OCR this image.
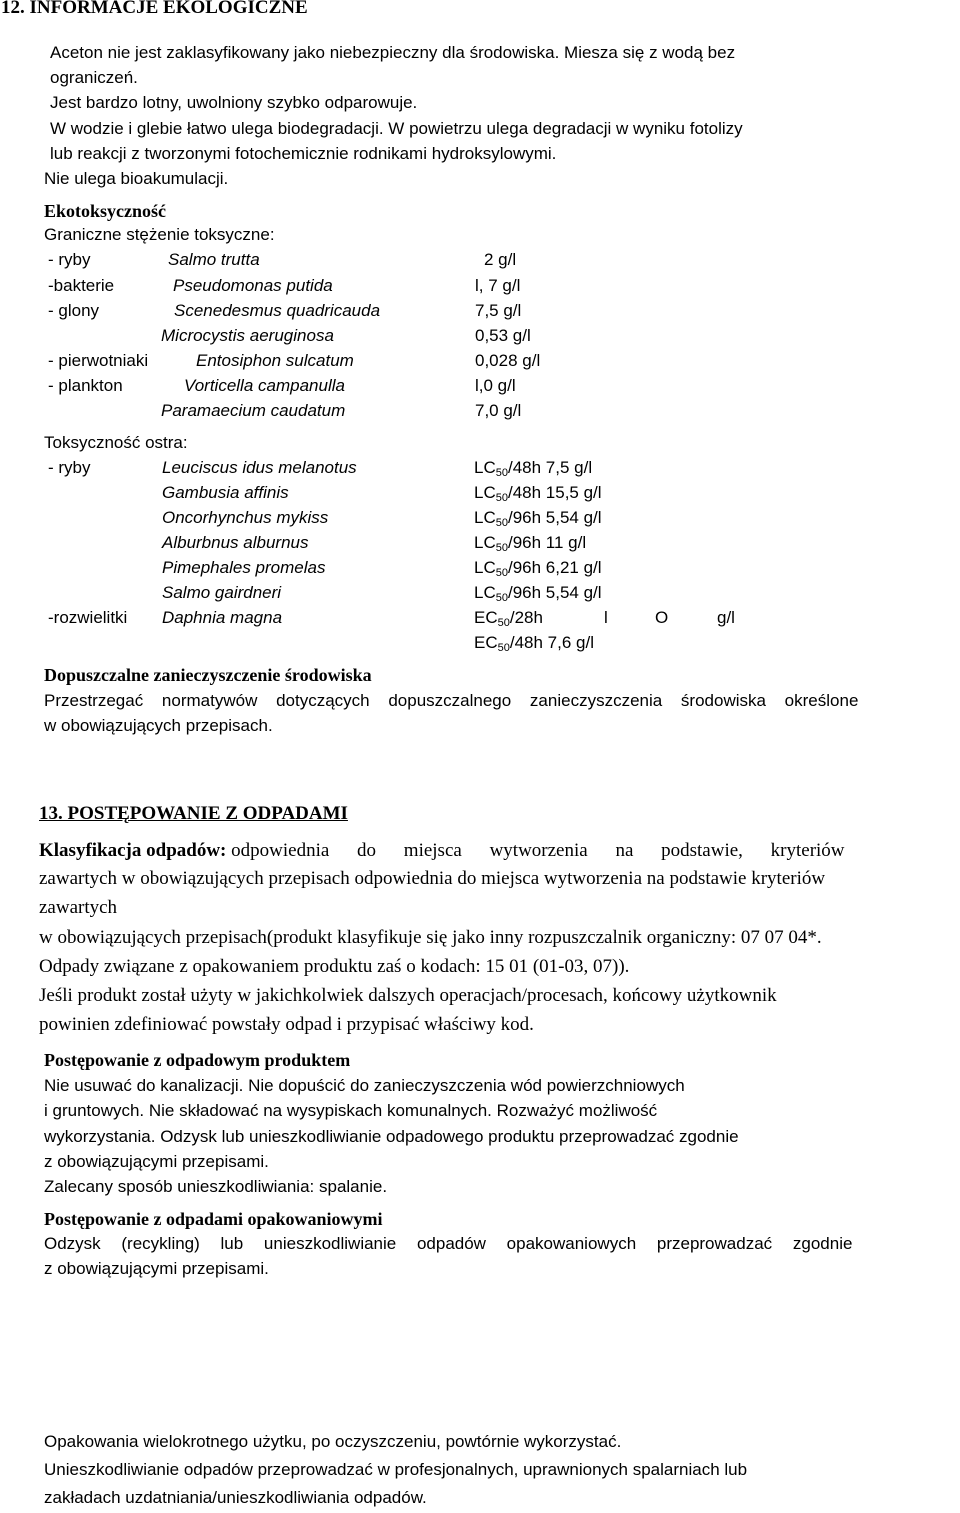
12. INFORMACJE EKOLOGICZNE
Aceton nie jest zaklasyfikowany jako niebezpieczny dla środowiska. Miesza się z wodą bez
ograniczeń.
Jest bardzo lotny, uwolniony szybko odparowuje.
W wodzie i glebie łatwo ulega biodegradacji. W powietrzu ulega degradacji w wyniku fotolizy
lub reakcji z tworzonymi fotochemicznie rodnikami hydroksylowymi.
Nie ulega bioakumulacji.
Ekotoksyczność
Graniczne stężenie toksyczne:
- ryby	Salmo trutta	2 g/l
-bakterie	Pseudomonas putida	l, 7 g/l
- glony	Scenedesmus quadricauda	7,5 g/l
Microcystis aeruginosa	0,53 g/l
- pierwotniaki	Entosiphon sulcatum	0,028 g/l
- plankton	Vorticella campanulla	l,0 g/l
Paramaecium caudatum	7,0 g/l
Toksyczność ostra:
- ryby	Leuciscus idus melanotus	$LC_{50}/48h$ 7,5 g/l
Gambusia affinis	$LC_{50}/48h$ 15,5 g/l
Oncorhynchus mykiss	$LC_{50}/96h$ 5,54 g/l
Alburbnus alburnus	$LC_{50}/96h$ 11 g/l
Pimephales promelas	$LC_{50}/96h$ 6,21 g/l
Salmo gairdneri	$LC_{50}/96h$ 5,54 g/l
-rozwielitki Daphnia magna	$EC_{50}/28h$	l	O	g/l
$EC_{50}/48h$ 7,6 g/l
Dopuszczalne zanieczyszczenie środowiska
Przestrzegać normatywów dotyczących dopuszczalnego zanieczyszczenia środowiska określone
w obowiązujących przepisach.
13. POSTĘPOWANIE Z ODPADAMI
Klasyfikacja odpadów: odpowiednia do miejsca wytworzenia na podstawie, kryteriów
zawartych w obowiązujących przepisach odpowiednia do miejsca wytworzenia na podstawie kryteriów
zawartych
w obowiązujących przepisach(produkt klasyfikuje się jako inny rozpuszczalnik organiczny: 07 07 04*.
Odpady związane z opakowaniem produktu zaś o kodach: 15 01 (01-03, 07)).
Jeśli produkt został użyty w jakichkolwiek dalszych operacjach/procesach, końcowy użytkownik
powinien zdefiniować powstały odpad i przypisać właściwy kod.
Postępowanie z odpadowym produktem
Nie usuwać do kanalizacji. Nie dopuścić do zanieczyszczenia wód powierzchniowych
i gruntowych. Nie składować na wysypiskach komunalnych. Rozważyć możliwość
wykorzystania. Odzysk lub unieszkodliwianie odpadowego produktu przeprowadzać zgodnie
z obowiązującymi przepisami.
Zalecany sposób unieszkodliwiania: spalanie.
Postępowanie z odpadami opakowaniowymi
Odzysk (recykling) lub unieszkodliwianie odpadów opakowaniowych przeprowadzać zgodnie
z obowiązującymi przepisami.
Opakowania wielokrotnego użytku, po oczyszczeniu, powtórnie wykorzystać.
Unieszkodliwianie odpadów przeprowadzać w profesjonalnych, uprawnionych spalarniach lub
zakładach uzdatniania/unieszkodliwiania odpadów.
